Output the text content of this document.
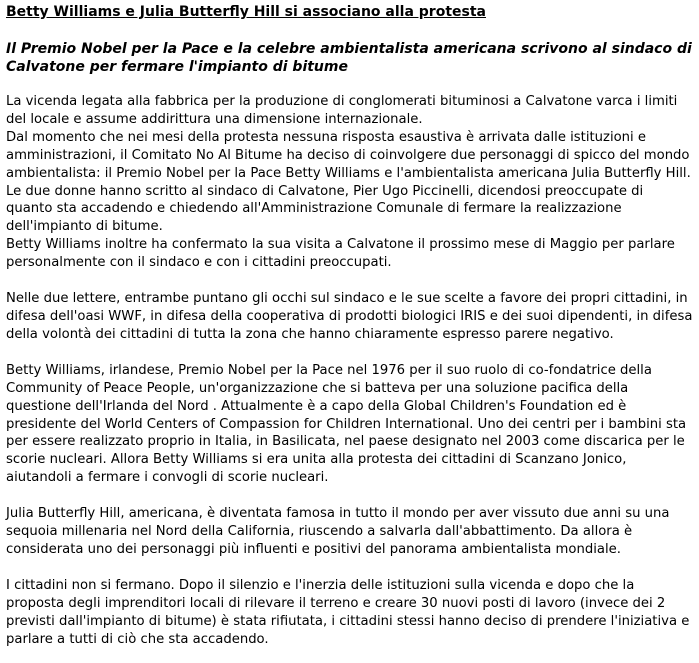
Betty Williams e Julia Butterfly Hill si associano alla protesta
Il Premio Nobel per la Pace e la celebre ambientalista americana scrivono al sindaco di Calvatone per fermare l'impianto di bitume

La vicenda legata alla fabbrica per la produzione di conglomerati bituminosi a Calvatone varca i limiti del locale e assume addirittura una dimensione internazionale.

Dal momento che nei mesi della protesta nessuna risposta esaustiva è arrivata dalle istituzioni e amministrazioni, il Comitato No Al Bitume ha deciso di coinvolgere due personaggi di spicco del mondo ambientalista: il Premio Nobel per la Pace Betty Williams e l'ambientalista americana Julia Butterfly Hill.

Le due donne hanno scritto al sindaco di Calvatone, Pier Ugo Piccinelli, dicendosi preoccupate di quanto sta accadendo e chiedendo all'Amministrazione Comunale di fermare la realizzazione dell'impianto di bitume.

Betty Williams inoltre ha confermato la sua visita a Calvatone il prossimo mese di Maggio per parlare personalmente con il sindaco e con i cittadini preoccupati.

Nelle due lettere, entrambe puntano gli occhi sul sindaco e le sue scelte a favore dei propri cittadini, in difesa dell'oasi WWF, in difesa della cooperativa di prodotti biologici IRIS e dei suoi dipendenti, in difesa della volontà dei cittadini di tutta la zona che hanno chiaramente espresso parere negativo.

Betty Williams, irlandese, Premio Nobel per la Pace nel 1976 per il suo ruolo di co-fondatrice della Community of Peace People, un'organizzazione che si batteva per una soluzione pacifica della questione dell'Irlanda del Nord . Attualmente è a capo della Global Children's Foundation ed è presidente del World Centers of Compassion for Children International. Uno dei centri per i bambini sta per essere realizzato proprio in Italia, in Basilicata, nel paese designato nel 2003 come discarica per le scorie nucleari. Allora Betty Williams si era unita alla protesta dei cittadini di Scanzano Jonico, aiutandoli a fermare i convogli di scorie nucleari.

Julia Butterfly Hill, americana, è diventata famosa in tutto il mondo per aver vissuto due anni su una sequoia millenaria nel Nord della California, riuscendo a salvarla dall'abbattimento. Da allora è considerata uno dei personaggi più influenti e positivi del panorama ambientalista mondiale.

I cittadini non si fermano. Dopo il silenzio e l'inerzia delle istituzioni sulla vicenda e dopo che la proposta degli imprenditori locali di rilevare il terreno e creare 30 nuovi posti di lavoro (invece dei 2 previsti dall'impianto di bitume) è stata rifiutata, i cittadini stessi hanno deciso di prendere l'iniziativa e parlare a tutti di ciò che sta accadendo.
